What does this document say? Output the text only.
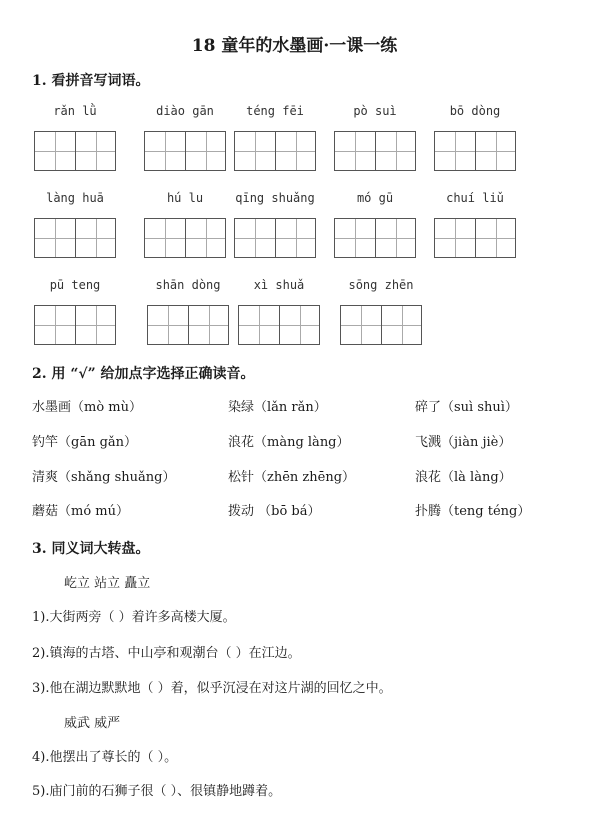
18 童年的水墨画·一课一练
1. 看拼音写词语。
rǎn lǜ	diào gān	téng fēi	pò suì	bō dòng
làng huā	hú lu	qīng shuǎng	mó gū	chuí liǔ
pū teng	shān dòng	xì shuǎ	sōng zhēn
2. 用 “√” 给加点字选择正确读音。
水墨画（mò mù）	染绿（lǎn rǎn）	碎了（suì shuì）
钓竿（gān gǎn）	浪花（màng làng）	飞溅（jiàn jiè）
清爽（shǎng shuǎng）	松针（zhēn zhēng）	浪花（là làng）
蘑菇（mó mú）	拨动 （bō bá）	扑腾（teng téng）
3. 同义词大转盘。
屹立 站立 矗立
1).大街两旁（ ）着许多高楼大厦。
2).镇海的古塔、中山亭和观潮台（ ）在江边。
3).他在湖边默默地（ ）着，似乎沉浸在对这片湖的回忆之中。
威武 威严
4).他摆出了尊长的（ ）。
5).庙门前的石狮子很（ ）、很镇静地蹲着。
